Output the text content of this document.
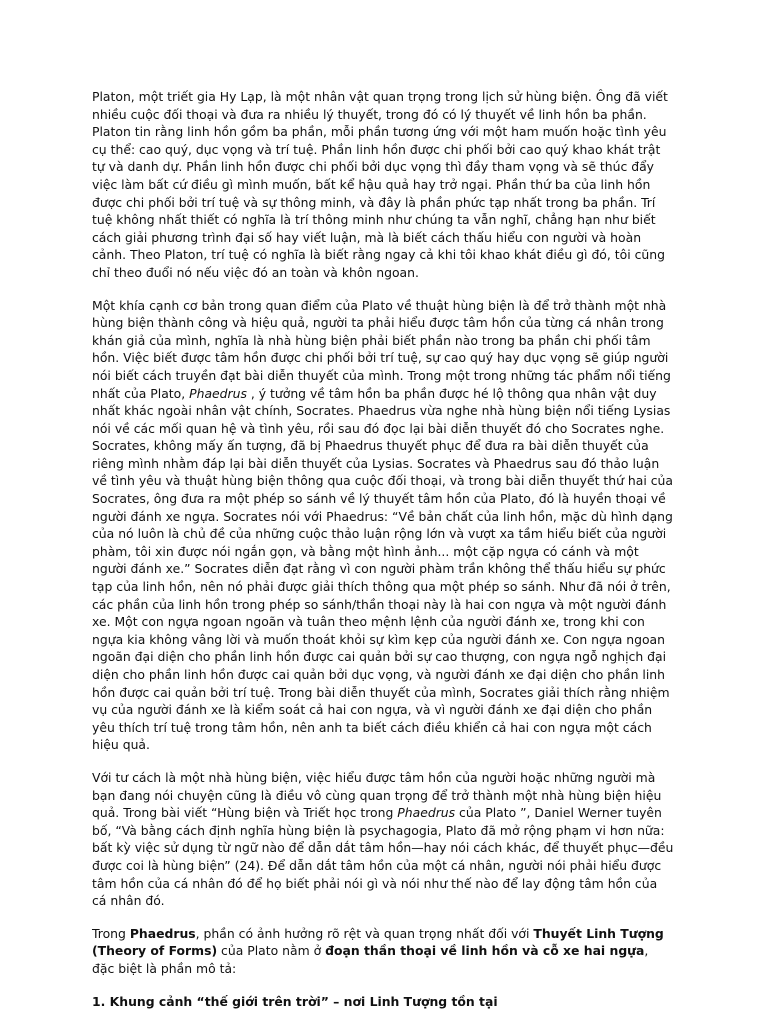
Platon, một triết gia Hy Lạp, là một nhân vật quan trọng trong lịch sử hùng biện. Ông đã viết nhiều cuộc đối thoại và đưa ra nhiều lý thuyết, trong đó có lý thuyết về linh hồn ba phần. Platon tin rằng linh hồn gồm ba phần, mỗi phần tương ứng với một ham muốn hoặc tình yêu cụ thể: cao quý, dục vọng và trí tuệ. Phần linh hồn được chi phối bởi cao quý khao khát trật tự và danh dự. Phần linh hồn được chi phối bởi dục vọng thì đầy tham vọng và sẽ thúc đẩy việc làm bất cứ điều gì mình muốn, bất kể hậu quả hay trở ngại. Phần thứ ba của linh hồn được chi phối bởi trí tuệ và sự thông minh, và đây là phần phức tạp nhất trong ba phần. Trí tuệ không nhất thiết có nghĩa là trí thông minh như chúng ta vẫn nghĩ, chẳng hạn như biết cách giải phương trình đại số hay viết luận, mà là biết cách thấu hiểu con người và hoàn cảnh. Theo Platon, trí tuệ có nghĩa là biết rằng ngay cả khi tôi khao khát điều gì đó, tôi cũng chỉ theo đuổi nó nếu việc đó an toàn và khôn ngoan.

Một khía cạnh cơ bản trong quan điểm của Plato về thuật hùng biện là để trở thành một nhà hùng biện thành công và hiệu quả, người ta phải hiểu được tâm hồn của từng cá nhân trong khán giả của mình, nghĩa là nhà hùng biện phải biết phần nào trong ba phần chi phối tâm hồn. Việc biết được tâm hồn được chi phối bởi trí tuệ, sự cao quý hay dục vọng sẽ giúp người nói biết cách truyền đạt bài diễn thuyết của mình. Trong một trong những tác phẩm nổi tiếng nhất của Plato, Phaedrus , ý tưởng về tâm hồn ba phần được hé lộ thông qua nhân vật duy nhất khác ngoài nhân vật chính, Socrates. Phaedrus vừa nghe nhà hùng biện nổi tiếng Lysias nói về các mối quan hệ và tình yêu, rồi sau đó đọc lại bài diễn thuyết đó cho Socrates nghe. Socrates, không mấy ấn tượng, đã bị Phaedrus thuyết phục để đưa ra bài diễn thuyết của riêng mình nhằm đáp lại bài diễn thuyết của Lysias. Socrates và Phaedrus sau đó thảo luận về tình yêu và thuật hùng biện thông qua cuộc đối thoại, và trong bài diễn thuyết thứ hai của Socrates, ông đưa ra một phép so sánh về lý thuyết tâm hồn của Plato, đó là huyền thoại về người đánh xe ngựa. Socrates nói với Phaedrus: “Về bản chất của linh hồn, mặc dù hình dạng của nó luôn là chủ đề của những cuộc thảo luận rộng lớn và vượt xa tầm hiểu biết của người phàm, tôi xin được nói ngắn gọn, và bằng một hình ảnh... một cặp ngựa có cánh và một người đánh xe.” Socrates diễn đạt rằng vì con người phàm trần không thể thấu hiểu sự phức tạp của linh hồn, nên nó phải được giải thích thông qua một phép so sánh. Như đã nói ở trên, các phần của linh hồn trong phép so sánh/thần thoại này là hai con ngựa và một người đánh xe. Một con ngựa ngoan ngoãn và tuân theo mệnh lệnh của người đánh xe, trong khi con ngựa kia không vâng lời và muốn thoát khỏi sự kìm kẹp của người đánh xe. Con ngựa ngoan ngoãn đại diện cho phần linh hồn được cai quản bởi sự cao thượng, con ngựa ngỗ nghịch đại diện cho phần linh hồn được cai quản bởi dục vọng, và người đánh xe đại diện cho phần linh hồn được cai quản bởi trí tuệ. Trong bài diễn thuyết của mình, Socrates giải thích rằng nhiệm vụ của người đánh xe là kiểm soát cả hai con ngựa, và vì người đánh xe đại diện cho phần yêu thích trí tuệ trong tâm hồn, nên anh ta biết cách điều khiển cả hai con ngựa một cách hiệu quả.

Với tư cách là một nhà hùng biện, việc hiểu được tâm hồn của người hoặc những người mà bạn đang nói chuyện cũng là điều vô cùng quan trọng để trở thành một nhà hùng biện hiệu quả. Trong bài viết “Hùng biện và Triết học trong Phaedrus của Plato ”, Daniel Werner tuyên bố, “Và bằng cách định nghĩa hùng biện là psychagogia, Plato đã mở rộng phạm vi hơn nữa: bất kỳ việc sử dụng từ ngữ nào để dẫn dắt tâm hồn—hay nói cách khác, để thuyết phục—đều được coi là hùng biện” (24). Để dẫn dắt tâm hồn của một cá nhân, người nói phải hiểu được tâm hồn của cá nhân đó để họ biết phải nói gì và nói như thế nào để lay động tâm hồn của cá nhân đó.

Trong Phaedrus, phần có ảnh hưởng rõ rệt và quan trọng nhất đối với Thuyết Linh Tượng (Theory of Forms) của Plato nằm ở đoạn thần thoại về linh hồn và cỗ xe hai ngựa, đặc biệt là phần mô tả:

1. Khung cảnh “thế giới trên trời” – nơi Linh Tượng tồn tại
